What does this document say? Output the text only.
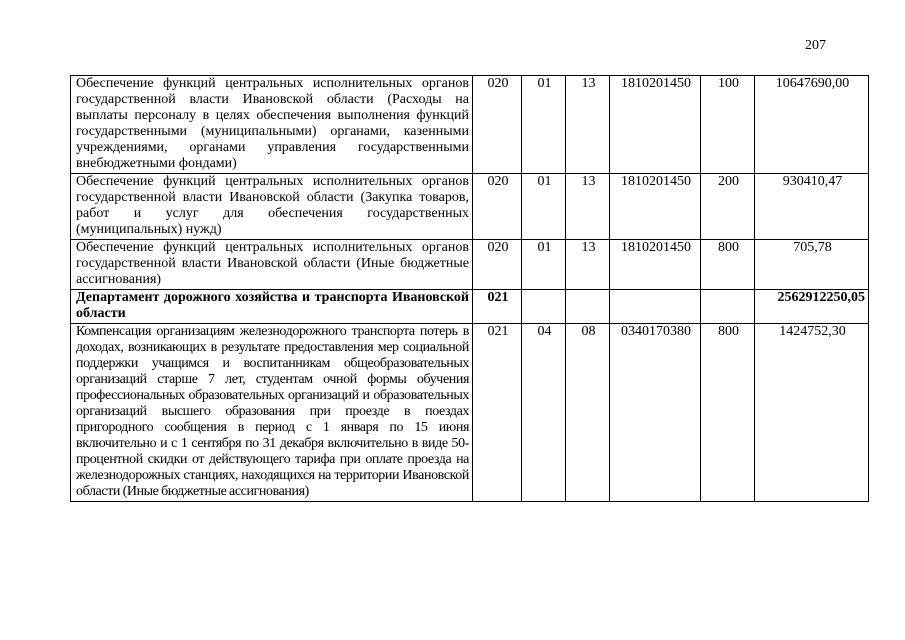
207
Обеспечение функций центральных исполнительных органов государственной власти Ивановской области (Расходы на выплаты персоналу в целях обеспечения выполнения функций государственными (муниципальными) органами, казенными учреждениями, органами управления государственными внебюджетными фондами)	020	01	13	1810201450	100	10647690,00
Обеспечение функций центральных исполнительных органов государственной власти Ивановской области (Закупка товаров, работ и услуг для обеспечения государственных (муниципальных) нужд)	020	01	13	1810201450	200	930410,47
Обеспечение функций центральных исполнительных органов государственной власти Ивановской области (Иные бюджетные ассигнования)	020	01	13	1810201450	800	705,78
Департамент дорожного хозяйства и транспорта Ивановской области	021					2562912250,05
Компенсация организациям железнодорожного транспорта потерь в доходах, возникающих в результате предоставления мер социальной поддержки учащимся и воспитанникам общеобразовательных организаций старше 7 лет, студентам очной формы обучения профессиональных образовательных организаций и образовательных организаций высшего образования при проезде в поездах пригородного сообщения в период с 1 января по 15 июня включительно и с 1 сентября по 31 декабря включительно в виде 50-процентной скидки от действующего тарифа при оплате проезда на железнодорожных станциях, находящихся на территории Ивановской области (Иные бюджетные ассигнования)	021	04	08	0340170380	800	1424752,30
